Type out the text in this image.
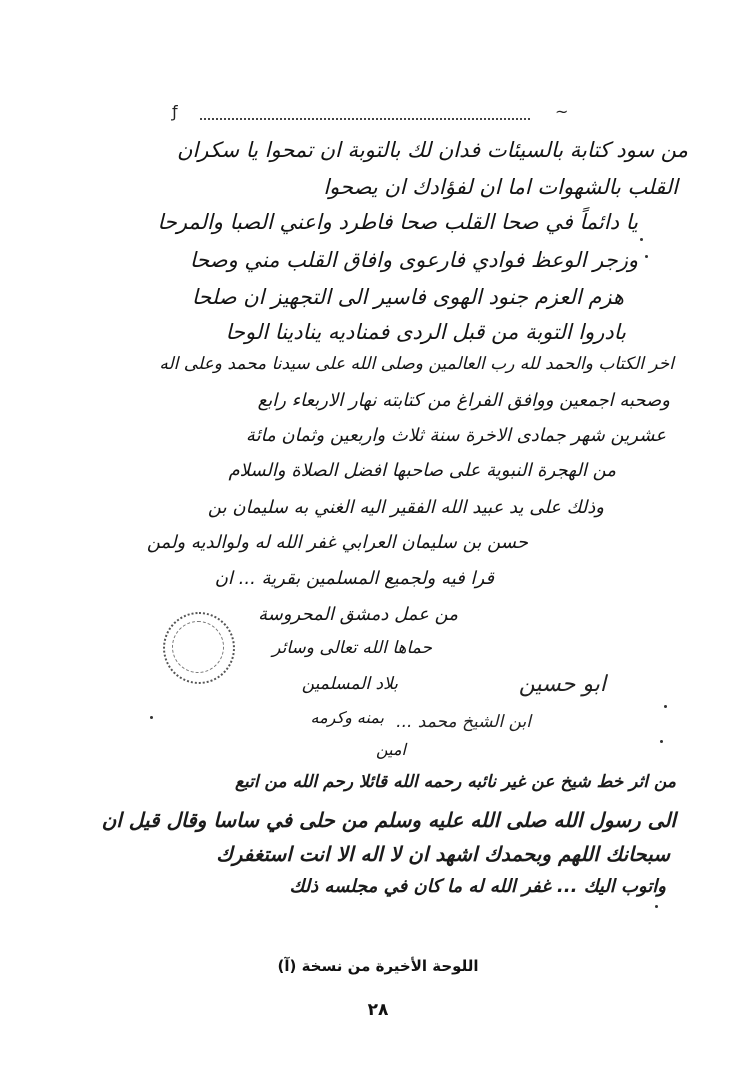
ƒ	~
من سود كتابة بالسيئات فدان لك بالتوبة ان تمحوا يا سكران
القلب بالشهوات اما ان لفؤادك ان يصحوا
يا دائماً في صحا القلب صحا فاطرد واعني الصبا والمرحا
وزجر الوعظ فوادي فارعوى وافاق القلب مني وصحا
هزم العزم جنود الهوى فاسير الى التجهيز ان صلحا
بادروا التوبة من قبل الردى فمناديه ينادينا الوحا
اخر الكتاب والحمد لله رب العالمين وصلى الله على سيدنا محمد وعلى اله
وصحبه اجمعين ووافق الفراغ من كتابته نهار الاربعاء رابع
عشرين شهر جمادى الاخرة سنة ثلاث واربعين وثمان مائة
من الهجرة النبوية على صاحبها افضل الصلاة والسلام
وذلك على يد عبيد الله الفقير اليه الغني به سليمان بن
حسن بن سليمان العرابي غفر الله له ولوالديه ولمن
قرا فيه ولجميع المسلمين بقرية ... ان
من عمل دمشق المحروسة
حماها الله تعالى وسائر
بلاد المسلمين
بمنه وكرمه
امين
ابو حسين
ابن الشيخ محمد ...
من اثر خط شيخ عن غير نائبه رحمه الله قائلا رحم الله من اتبع
الى رسول الله صلى الله عليه وسلم من حلى في ساسا وقال قيل ان
سبحانك اللهم وبحمدك اشهد ان لا اله الا انت استغفرك
واتوب اليك ... غفر الله له ما كان في مجلسه ذلك
اللوحة الأخيرة من نسخة (آ)
٢٨
